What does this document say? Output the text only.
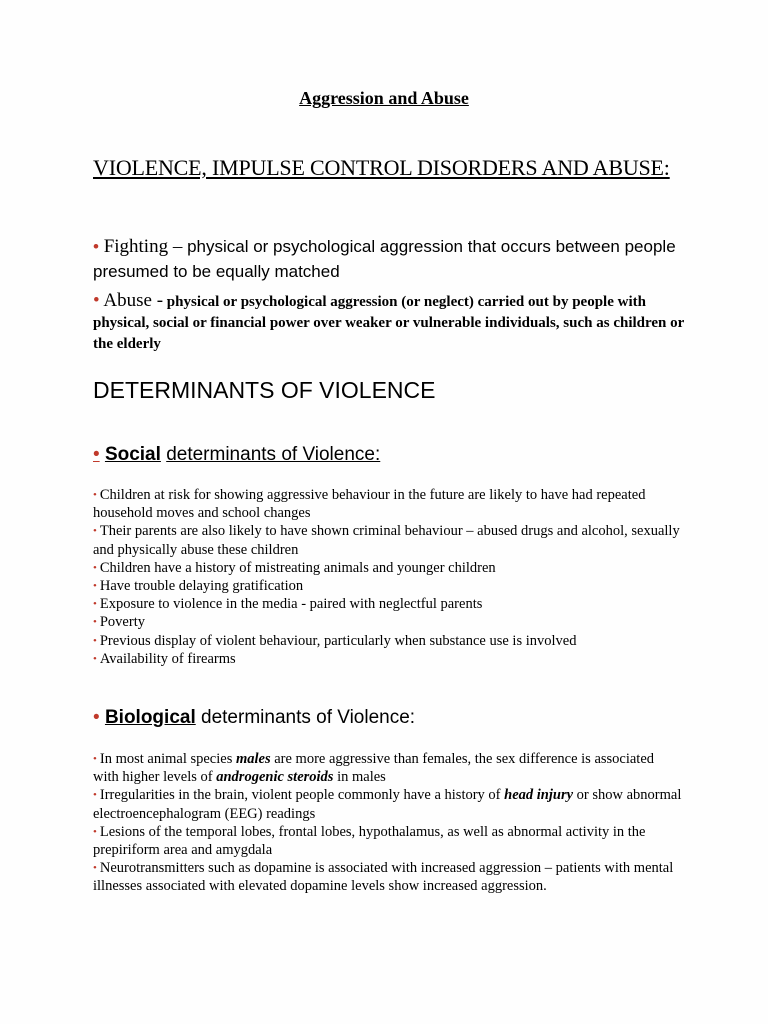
Aggression and Abuse
VIOLENCE, IMPULSE CONTROL DISORDERS AND ABUSE:
• Fighting – physical or psychological aggression that occurs between people presumed to be equally matched
• Abuse - physical or psychological aggression (or neglect) carried out by people with physical, social or financial power over weaker or vulnerable individuals, such as children or the elderly
DETERMINANTS OF VIOLENCE
• Social determinants of Violence:
• Children at risk for showing aggressive behaviour in the future are likely to have had repeated household moves and school changes
• Their parents are also likely to have shown criminal behaviour – abused drugs and alcohol, sexually and physically abuse these children
• Children have a history of mistreating animals and younger children
• Have trouble delaying gratification
• Exposure to violence in the media - paired with neglectful parents
• Poverty
• Previous display of violent behaviour, particularly when substance use is involved
• Availability of firearms
• Biological determinants of Violence:
• In most animal species males are more aggressive than females, the sex difference is associated with higher levels of androgenic steroids in males
• Irregularities in the brain, violent people commonly have a history of head injury or show abnormal electroencephalogram (EEG) readings
• Lesions of the temporal lobes, frontal lobes, hypothalamus, as well as abnormal activity in the prepiriform area and amygdala
• Neurotransmitters such as dopamine is associated with increased aggression – patients with mental illnesses associated with elevated dopamine levels show increased aggression.
